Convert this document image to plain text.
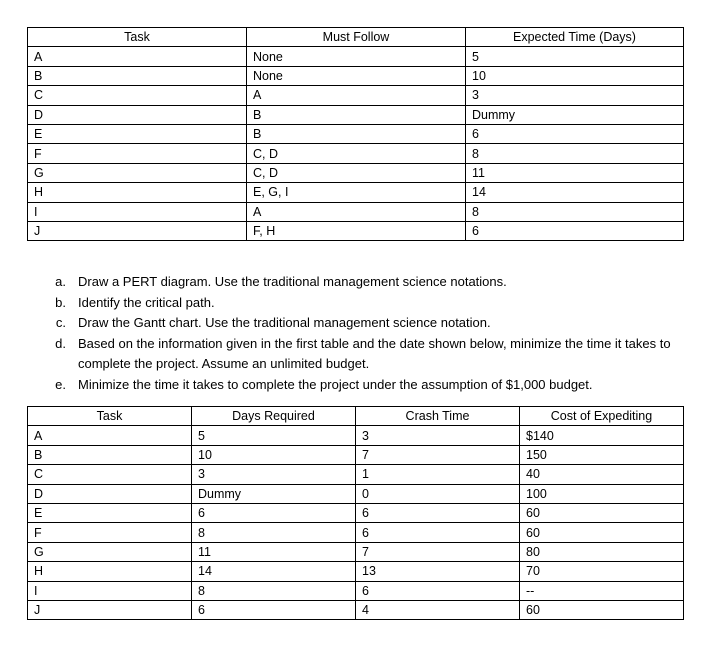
Task	Must Follow	Expected Time (Days)
A	None	5
B	None	10
C	A	3
D	B	Dummy
E	B	6
F	C, D	8
G	C, D	11
H	E, G, I	14
I	A	8
J	F, H	6
a. Draw a PERT diagram. Use the traditional management science notations.
b. Identify the critical path.
c. Draw the Gantt chart. Use the traditional management science notation.
d. Based on the information given in the first table and the date shown below, minimize the time it takes to complete the project. Assume an unlimited budget.
e. Minimize the time it takes to complete the project under the assumption of $1,000 budget.
Task	Days Required	Crash Time	Cost of Expediting
A	5	3	$140
B	10	7	150
C	3	1	40
D	Dummy	0	100
E	6	6	60
F	8	6	60
G	11	7	80
H	14	13	70
I	8	6	--
J	6	4	60
